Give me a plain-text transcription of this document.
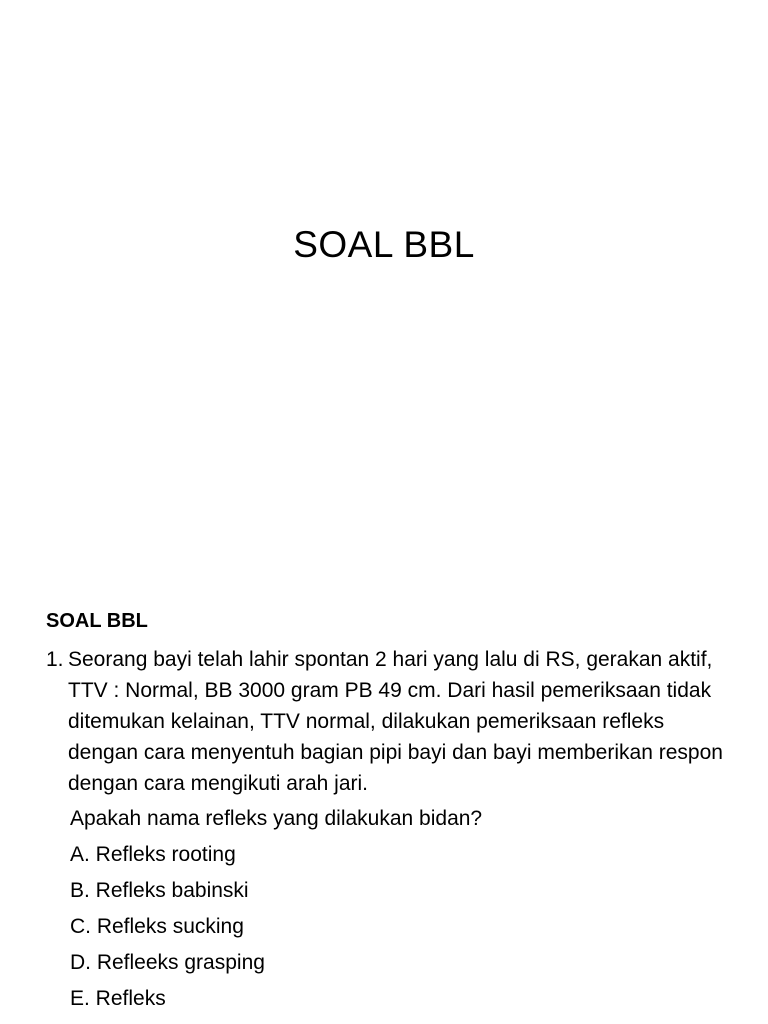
SOAL BBL
SOAL BBL
1. Seorang bayi telah lahir spontan 2 hari yang lalu di RS, gerakan aktif, TTV : Normal, BB 3000 gram PB 49 cm. Dari hasil pemeriksaan tidak ditemukan kelainan, TTV normal, dilakukan pemeriksaan refleks dengan cara menyentuh bagian pipi bayi dan bayi memberikan respon dengan cara mengikuti arah jari.
Apakah nama refleks yang dilakukan bidan?
A. Refleks rooting
B. Refleks babinski
C. Refleks sucking
D. Refleeks grasping
E. Refleks
